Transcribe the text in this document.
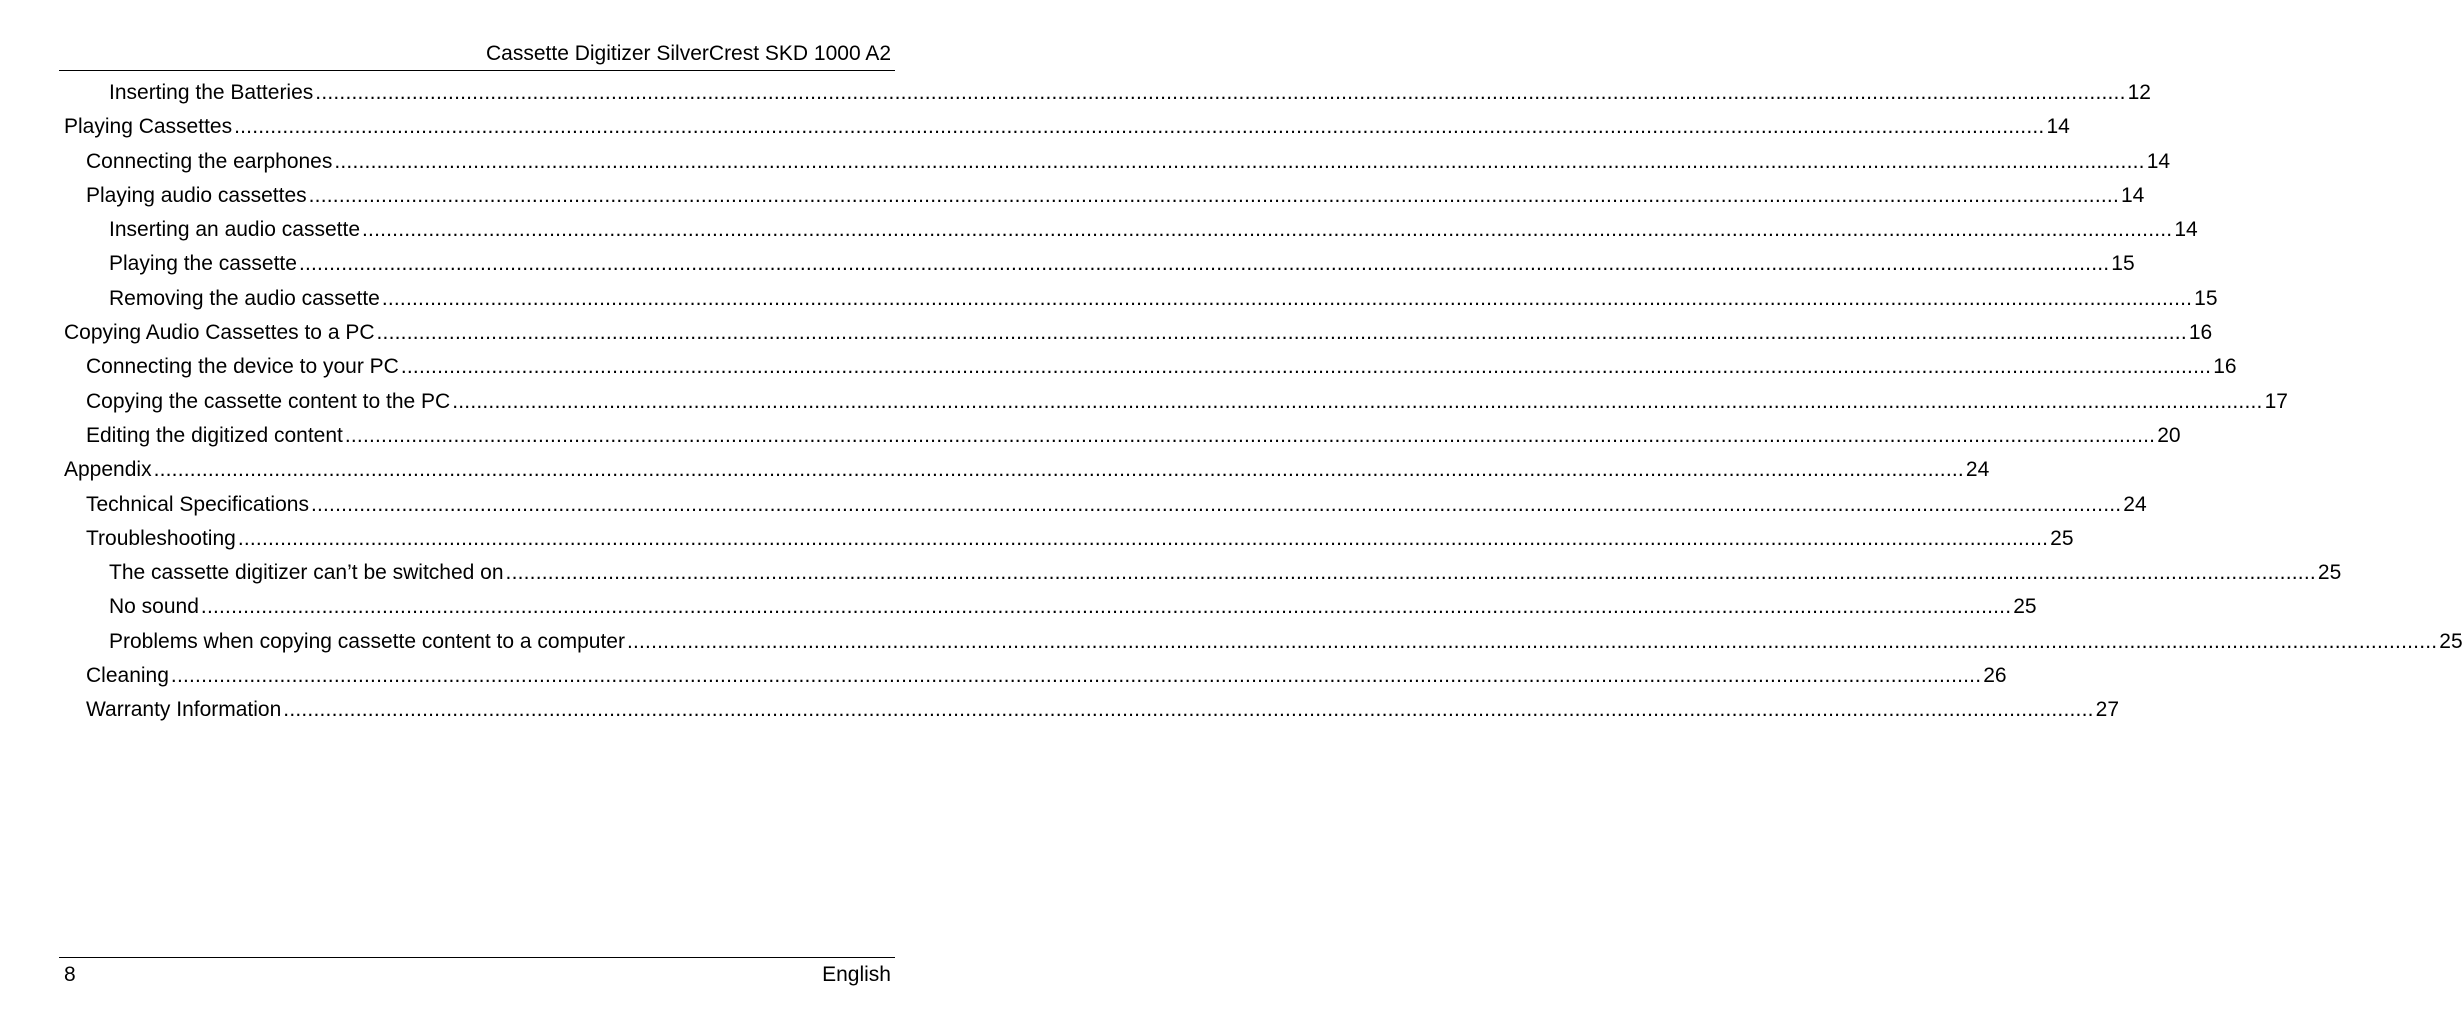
Cassette Digitizer SilverCrest SKD 1000 A2
Inserting the Batteries ............................................................................................................................................................................................................................................................................................................ 12
Playing Cassettes ............................................................................................................................................................................................................................................................................................................ 14
Connecting the earphones ............................................................................................................................................................................................................................................................................................................ 14
Playing audio cassettes ............................................................................................................................................................................................................................................................................................................ 14
Inserting an audio cassette ............................................................................................................................................................................................................................................................................................................ 14
Playing the cassette ............................................................................................................................................................................................................................................................................................................ 15
Removing the audio cassette ............................................................................................................................................................................................................................................................................................................ 15
Copying Audio Cassettes to a PC ............................................................................................................................................................................................................................................................................................................ 16
Connecting the device to your PC ............................................................................................................................................................................................................................................................................................................ 16
Copying the cassette content to the PC ............................................................................................................................................................................................................................................................................................................ 17
Editing the digitized content ............................................................................................................................................................................................................................................................................................................ 20
Appendix ............................................................................................................................................................................................................................................................................................................ 24
Technical Specifications ............................................................................................................................................................................................................................................................................................................ 24
Troubleshooting ............................................................................................................................................................................................................................................................................................................ 25
The cassette digitizer can’t be switched on ............................................................................................................................................................................................................................................................................................................ 25
No sound ............................................................................................................................................................................................................................................................................................................ 25
Problems when copying cassette content to a computer ............................................................................................................................................................................................................................................................................................................ 25
Cleaning ............................................................................................................................................................................................................................................................................................................ 26
Warranty Information ............................................................................................................................................................................................................................................................................................................ 27
8	English
